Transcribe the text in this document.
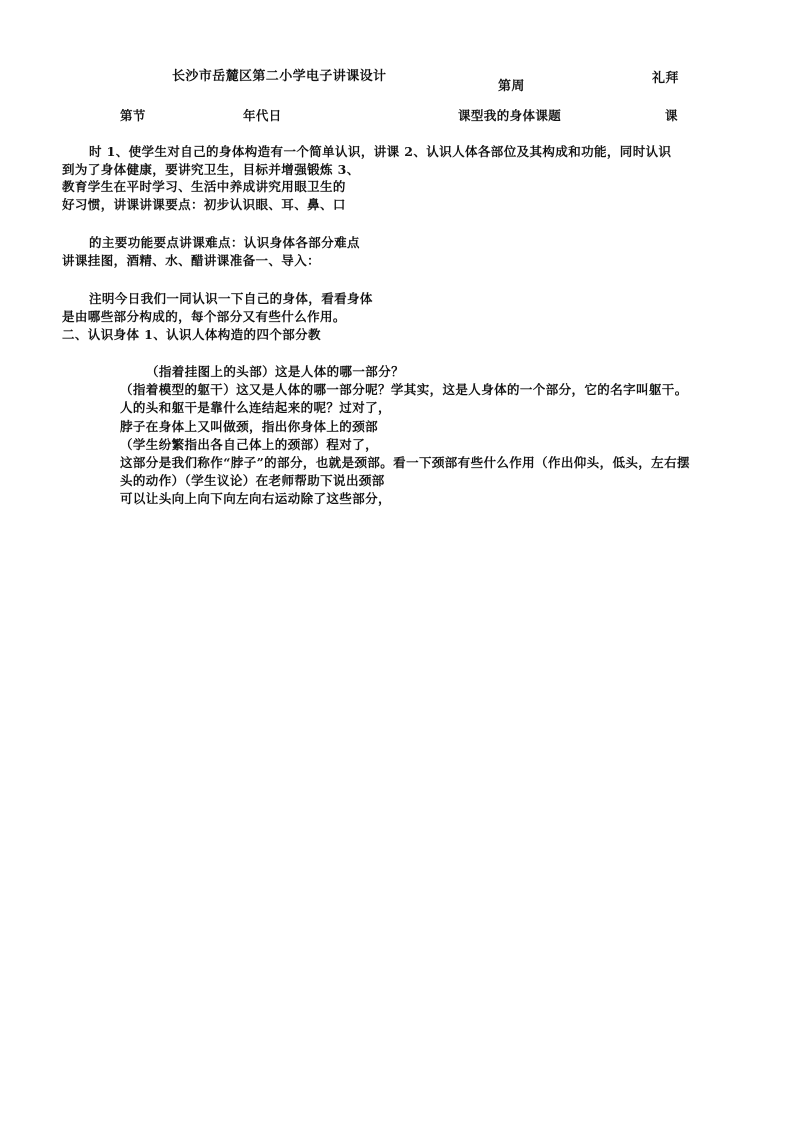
长沙市岳麓区第二小学电子讲课设计
第周
礼拜
第节	年代日	课型我的身体课题	课
时 1、使学生对自己的身体构造有一个简单认识，讲课 2、认识人体各部位及其构成和功能，同时认识
到为了身体健康，要讲究卫生，目标并增强锻炼 3、
教育学生在平时学习、生活中养成讲究用眼卫生的
好习惯，讲课讲课要点：初步认识眼、耳、鼻、口
的主要功能要点讲课难点：认识身体各部分难点
讲课挂图，酒精、水、醋讲课准备一、导入：
注明今日我们一同认识一下自己的身体，看看身体
是由哪些部分构成的，每个部分又有些什么作用。
二、认识身体 1、认识人体构造的四个部分教
（指着挂图上的头部）这是人体的哪一部分？
（指着模型的躯干）这又是人体的哪一部分呢？学其实，这是人身体的一个部分，它的名字叫躯干。
人的头和躯干是靠什么连结起来的呢？过对了，
脖子在身体上又叫做颈，指出你身体上的颈部
（学生纷繁指出各自己体上的颈部）程对了，
这部分是我们称作“脖子”的部分，也就是颈部。看一下颈部有些什么作用（作出仰头，低头，左右摆
头的动作）（学生议论）在老师帮助下说出颈部
可以让头向上向下向左向右运动除了这些部分，
